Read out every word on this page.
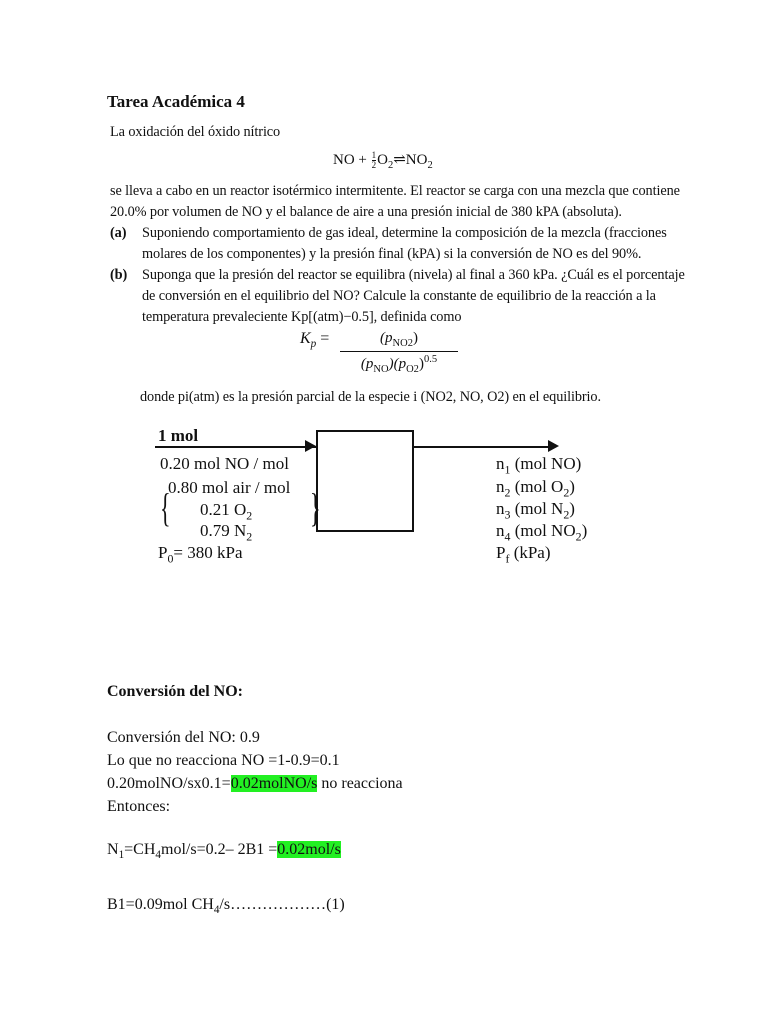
Tarea Académica 4
La oxidación del óxido nítrico
NO + $\frac{1}{2}$ $O_2\rightleftharpoons NO_2$
se lleva a cabo en un reactor isotérmico intermitente. El reactor se carga con una mezcla que contiene 20.0% por volumen de NO y el balance de aire a una presión inicial de 380 kPA (absoluta).
(a) Suponiendo comportamiento de gas ideal, determine la composición de la mezcla (fracciones molares de los componentes) y la presión final (kPA) si la conversión de NO es del 90%.
(b) Suponga que la presión del reactor se equilibra (nivela) al final a 360 kPa. ¿Cuál es el porcentaje de conversión en el equilibrio del NO? Calcule la constante de equilibrio de la reacción a la temperatura prevaleciente Kp[(atm)−0.5], definida como
$K_p$ =	$(p_{NO2})$
$(p_{NO})(p_{O2})^{0.5}$
donde pi(atm) es la presión parcial de la especie i (NO2, NO, O2) en el equilibrio.
1 mol
0.20 mol NO / mol
{
0.80 mol air / mol
0.21 $O_2$
0.79 $N_2$
}
$P_0= 380$ kPa
$n_1$ (mol NO)
$n_2$ (mol $O_2$)
$n_3$ (mol $N_2$)
$n_4$ (mol $NO_2$)
$P_f$ (kPa)
Conversión del NO:
Conversión del NO: 0.9
Lo que no reacciona NO =1-0.9=0.1
0.20molNO/sx0.1=0.02molNO/s no reacciona
Entonces:
$N_1=CH_4mol/s=0.2-$ 2B1 =0.02mol/s
B1=0.09mol $CH_4/s\dots\dots\dots\dots\dots\dots(1)$
